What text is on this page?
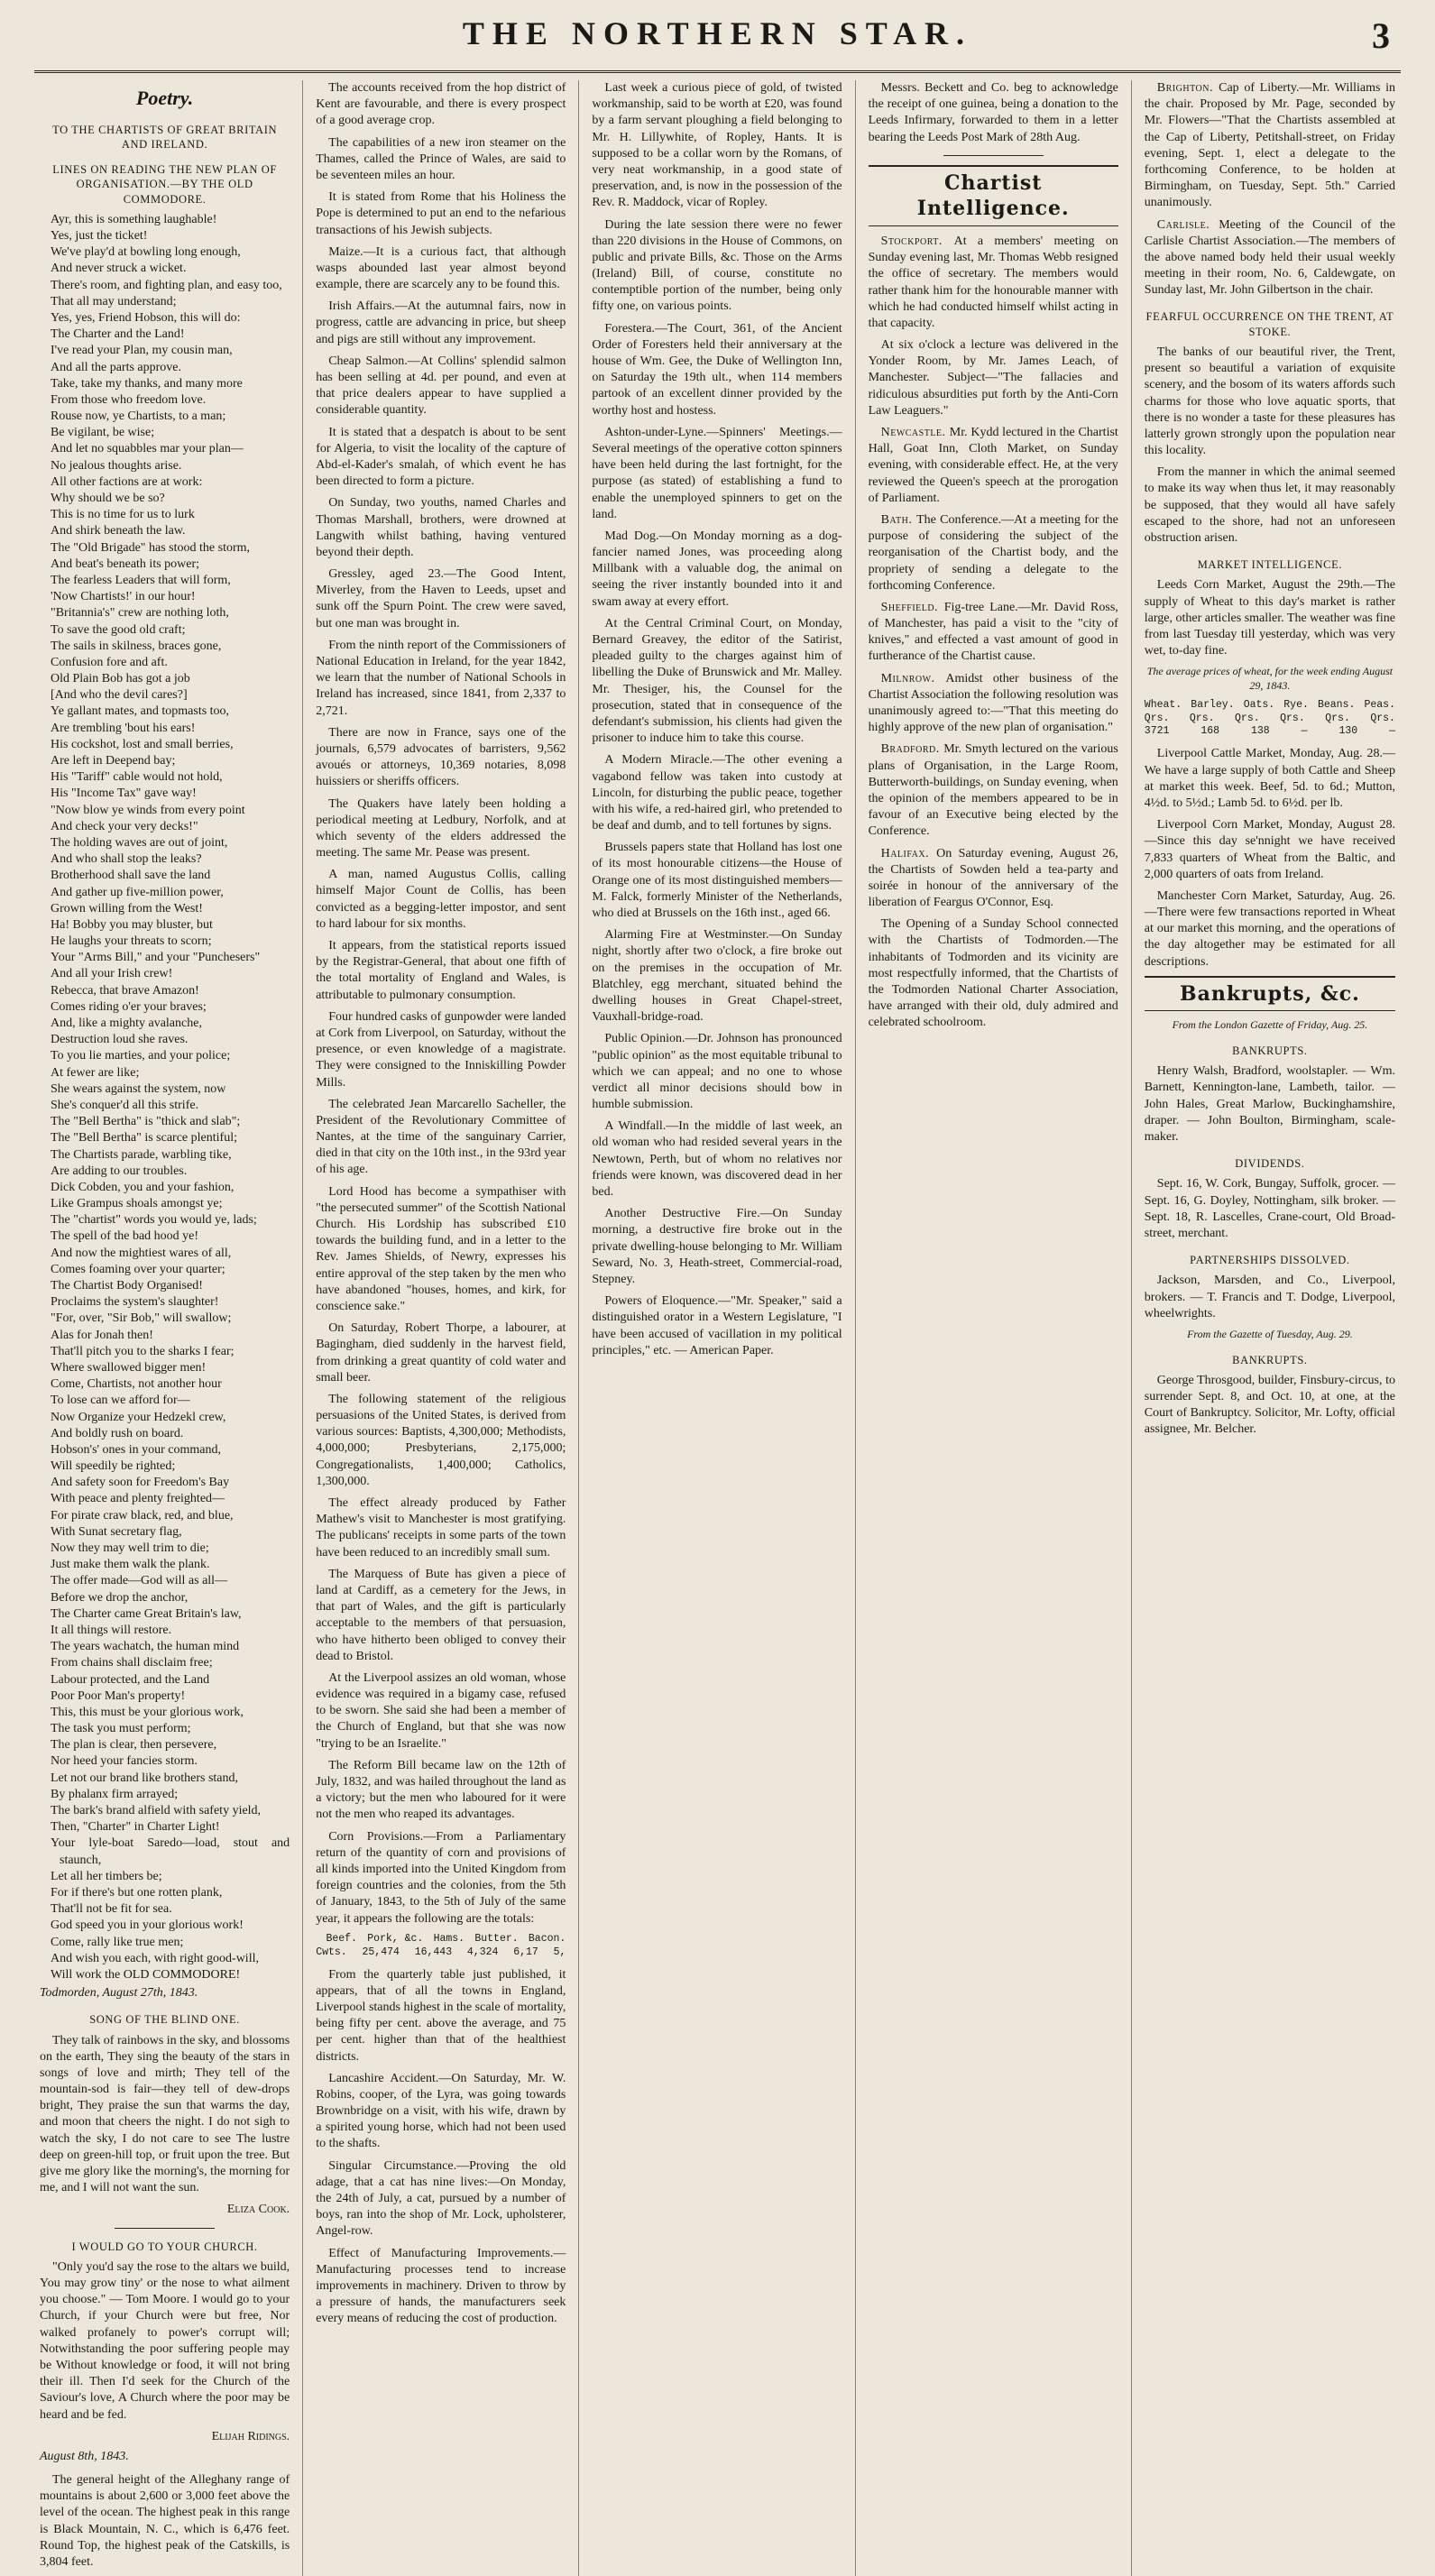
THE NORTHERN STAR.	3
Poetry.
TO THE CHARTISTS OF GREAT BRITAIN AND IRELAND.
LINES ON READING THE NEW PLAN OF ORGANISATION.—BY THE OLD COMMODORE.

Ayr, this is something laughable!

Yes, just the ticket!

We've play'd at bowling long enough,

And never struck a wicket.

There's room, and fighting plan, and easy too,

That all may understand;

Yes, yes, Friend Hobson, this will do:

The Charter and the Land!

I've read your Plan, my cousin man,

And all the parts approve.

Take, take my thanks, and many more

From those who freedom love.

Rouse now, ye Chartists, to a man;

Be vigilant, be wise;

And let no squabbles mar your plan—

No jealous thoughts arise.

All other factions are at work:

Why should we be so?

This is no time for us to lurk

And shirk beneath the law.

The "Old Brigade" has stood the storm,

And beat's beneath its power;

The fearless Leaders that will form,

'Now Chartists!' in our hour!

"Britannia's" crew are nothing loth,

To save the good old craft;

The sails in skilness, braces gone,

Confusion fore and aft.

Old Plain Bob has got a job

[And who the devil cares?]

Ye gallant mates, and topmasts too,

Are trembling 'bout his ears!

His cockshot, lost and small berries,

Are left in Deepend bay;

His "Tariff" cable would not hold,

His "Income Tax" gave way!

"Now blow ye winds from every point

And check your very decks!"

The holding waves are out of joint,

And who shall stop the leaks?

Brotherhood shall save the land

And gather up five-million power,

Grown willing from the West!

Ha! Bobby you may bluster, but

He laughs your threats to scorn;

Your "Arms Bill," and your "Punchesers"

And all your Irish crew!

Rebecca, that brave Amazon!

Comes riding o'er your braves;

And, like a mighty avalanche,

Destruction loud she raves.

To you lie marties, and your police;

At fewer are like;

She wears against the system, now

She's conquer'd all this strife.

The "Bell Bertha" is "thick and slab";

The "Bell Bertha" is scarce plentiful;

The Chartists parade, warbling tike,

Are adding to our troubles.

Dick Cobden, you and your fashion,

Like Grampus shoals amongst ye;

The "chartist" words you would ye, lads;

The spell of the bad hood ye!

And now the mightiest wares of all,

Comes foaming over your quarter;

The Chartist Body Organised!

Proclaims the system's slaughter!

"For, over, "Sir Bob," will swallow;

Alas for Jonah then!

That'll pitch you to the sharks I fear;

Where swallowed bigger men!

Come, Chartists, not another hour

To lose can we afford for—

Now Organize your Hedzekl crew,

And boldly rush on board.

Hobson's' ones in your command,

Will speedily be righted;

And safety soon for Freedom's Bay

With peace and plenty freighted—

For pirate craw black, red, and blue,

With Sunat secretary flag,

Now they may well trim to die;

Just make them walk the plank.

The offer made—God will as all—

Before we drop the anchor,

The Charter came Great Britain's law,

It all things will restore.

The years wachatch, the human mind

From chains shall disclaim free;

Labour protected, and the Land

Poor Poor Man's property!

This, this must be your glorious work,

The task you must perform;

The plan is clear, then persevere,

Nor heed your fancies storm.

Let not our brand like brothers stand,

By phalanx firm arrayed;

The bark's brand alfield with safety yield,

Then, "Charter" in Charter Light!

Your lyle-boat Saredo—load, stout and staunch,

Let all her timbers be;

For if there's but one rotten plank,

That'll not be fit for sea.

God speed you in your glorious work!

Come, rally like true men;

And wish you each, with right good-will,

Will work the OLD COMMODORE!

Todmorden, August 27th, 1843.
SONG OF THE BLIND ONE.

They talk of rainbows in the sky, and blossoms on the earth, They sing the beauty of the stars in songs of love and mirth; They tell of the mountain-sod is fair—they tell of dew-drops bright, They praise the sun that warms the day, and moon that cheers the night. I do not sigh to watch the sky, I do not care to see The lustre deep on green-hill top, or fruit upon the tree. But give me glory like the morning's, the morning for me, and I will not want the sun.

Eliza Cook.
I WOULD GO TO YOUR CHURCH.

"Only you'd say the rose to the altars we build, You may grow tiny' or the nose to what ailment you choose." — Tom Moore. I would go to your Church, if your Church were but free, Nor walked profanely to power's corrupt will; Notwithstanding the poor suffering people may be Without knowledge or food, it will not bring their ill. Then I'd seek for the Church of the Saviour's love, A Church where the poor may be heard and be fed.

Elijah Ridings.
August 8th, 1843.

The general height of the Alleghany range of mountains is about 2,600 or 3,000 feet above the level of the ocean. The highest peak in this range is Black Mountain, N. C., which is 6,476 feet. Round Top, the highest peak of the Catskills, is 3,804 feet.

The accounts received from the hop district of Kent are favourable, and there is every prospect of a good average crop.

The capabilities of a new iron steamer on the Thames, called the Prince of Wales, are said to be seventeen miles an hour.

It is stated from Rome that his Holiness the Pope is determined to put an end to the nefarious transactions of his Jewish subjects.

Maize.—It is a curious fact, that although wasps abounded last year almost beyond example, there are scarcely any to be found this.

Irish Affairs.—At the autumnal fairs, now in progress, cattle are advancing in price, but sheep and pigs are still without any improvement.

Cheap Salmon.—At Collins' splendid salmon has been selling at 4d. per pound, and even at that price dealers appear to have supplied a considerable quantity.

It is stated that a despatch is about to be sent for Algeria, to visit the locality of the capture of Abd-el-Kader's smalah, of which event he has been directed to form a picture.

On Sunday, two youths, named Charles and Thomas Marshall, brothers, were drowned at Langwith whilst bathing, having ventured beyond their depth.

Gressley, aged 23.—The Good Intent, Miverley, from the Haven to Leeds, upset and sunk off the Spurn Point. The crew were saved, but one man was brought in.

From the ninth report of the Commissioners of National Education in Ireland, for the year 1842, we learn that the number of National Schools in Ireland has increased, since 1841, from 2,337 to 2,721.

There are now in France, says one of the journals, 6,579 advocates of barristers, 9,562 avoués or attorneys, 10,369 notaries, 8,098 huissiers or sheriffs officers.

The Quakers have lately been holding a periodical meeting at Ledbury, Norfolk, and at which seventy of the elders addressed the meeting. The same Mr. Pease was present.

A man, named Augustus Collis, calling himself Major Count de Collis, has been convicted as a begging-letter impostor, and sent to hard labour for six months.

It appears, from the statistical reports issued by the Registrar-General, that about one fifth of the total mortality of England and Wales, is attributable to pulmonary consumption.

Four hundred casks of gunpowder were landed at Cork from Liverpool, on Saturday, without the presence, or even knowledge of a magistrate. They were consigned to the Inniskilling Powder Mills.

The celebrated Jean Marcarello Sacheller, the President of the Revolutionary Committee of Nantes, at the time of the sanguinary Carrier, died in that city on the 10th inst., in the 93rd year of his age.

Lord Hood has become a sympathiser with "the persecuted summer" of the Scottish National Church. His Lordship has subscribed £10 towards the building fund, and in a letter to the Rev. James Shields, of Newry, expresses his entire approval of the step taken by the men who have abandoned "houses, homes, and kirk, for conscience sake."

On Saturday, Robert Thorpe, a labourer, at Bagingham, died suddenly in the harvest field, from drinking a great quantity of cold water and small beer.

The following statement of the religious persuasions of the United States, is derived from various sources: Baptists, 4,300,000; Methodists, 4,000,000; Presbyterians, 2,175,000; Congregationalists, 1,400,000; Catholics, 1,300,000.

The effect already produced by Father Mathew's visit to Manchester is most gratifying. The publicans' receipts in some parts of the town have been reduced to an incredibly small sum.

The Marquess of Bute has given a piece of land at Cardiff, as a cemetery for the Jews, in that part of Wales, and the gift is particularly acceptable to the members of that persuasion, who have hitherto been obliged to convey their dead to Bristol.

At the Liverpool assizes an old woman, whose evidence was required in a bigamy case, refused to be sworn. She said she had been a member of the Church of England, but that she was now "trying to be an Israelite."

The Reform Bill became law on the 12th of July, 1832, and was hailed throughout the land as a victory; but the men who laboured for it were not the men who reaped its advantages.

Corn Provisions.—From a Parliamentary return of the quantity of corn and provisions of all kinds imported into the United Kingdom from foreign countries and the colonies, from the 5th of January, 1843, to the 5th of July of the same year, it appears the following are the totals:

Beef. Pork, &c. Hams. Butter. Bacon.
Cwts. 25,474 16,443 4,324 6,17 5,

From the quarterly table just published, it appears, that of all the towns in England, Liverpool stands highest in the scale of mortality, being fifty per cent. above the average, and 75 per cent. higher than that of the healthiest districts.

Lancashire Accident.—On Saturday, Mr. W. Robins, cooper, of the Lyra, was going towards Brownbridge on a visit, with his wife, drawn by a spirited young horse, which had not been used to the shafts.

Singular Circumstance.—Proving the old adage, that a cat has nine lives:—On Monday, the 24th of July, a cat, pursued by a number of boys, ran into the shop of Mr. Lock, upholsterer, Angel-row.

Effect of Manufacturing Improvements.—Manufacturing processes tend to increase improvements in machinery. Driven to throw by a pressure of hands, the manufacturers seek every means of reducing the cost of production.

Last week a curious piece of gold, of twisted workmanship, said to be worth at £20, was found by a farm servant ploughing a field belonging to Mr. H. Lillywhite, of Ropley, Hants. It is supposed to be a collar worn by the Romans, of very neat workmanship, in a good state of preservation, and, is now in the possession of the Rev. R. Maddock, vicar of Ropley.

During the late session there were no fewer than 220 divisions in the House of Commons, on public and private Bills, &c. Those on the Arms (Ireland) Bill, of course, constitute no contemptible portion of the number, being only fifty one, on various points.

Forestera.—The Court, 361, of the Ancient Order of Foresters held their anniversary at the house of Wm. Gee, the Duke of Wellington Inn, on Saturday the 19th ult., when 114 members partook of an excellent dinner provided by the worthy host and hostess.

Ashton-under-Lyne.—Spinners' Meetings.—Several meetings of the operative cotton spinners have been held during the last fortnight, for the purpose (as stated) of establishing a fund to enable the unemployed spinners to get on the land.

Mad Dog.—On Monday morning as a dog-fancier named Jones, was proceeding along Millbank with a valuable dog, the animal on seeing the river instantly bounded into it and swam away at every effort.

At the Central Criminal Court, on Monday, Bernard Greavey, the editor of the Satirist, pleaded guilty to the charges against him of libelling the Duke of Brunswick and Mr. Malley. Mr. Thesiger, his, the Counsel for the prosecution, stated that in consequence of the defendant's submission, his clients had given the prisoner to induce him to take this course.

A Modern Miracle.—The other evening a vagabond fellow was taken into custody at Lincoln, for disturbing the public peace, together with his wife, a red-haired girl, who pretended to be deaf and dumb, and to tell fortunes by signs.

Brussels papers state that Holland has lost one of its most honourable citizens—the House of Orange one of its most distinguished members—M. Falck, formerly Minister of the Netherlands, who died at Brussels on the 16th inst., aged 66.

Alarming Fire at Westminster.—On Sunday night, shortly after two o'clock, a fire broke out on the premises in the occupation of Mr. Blatchley, egg merchant, situated behind the dwelling houses in Great Chapel-street, Vauxhall-bridge-road.

Public Opinion.—Dr. Johnson has pronounced "public opinion" as the most equitable tribunal to which we can appeal; and no one to whose verdict all minor decisions should bow in humble submission.

A Windfall.—In the middle of last week, an old woman who had resided several years in the Newtown, Perth, but of whom no relatives nor friends were known, was discovered dead in her bed.

Another Destructive Fire.—On Sunday morning, a destructive fire broke out in the private dwelling-house belonging to Mr. William Seward, No. 3, Heath-street, Commercial-road, Stepney.

Powers of Eloquence.—"Mr. Speaker," said a distinguished orator in a Western Legislature, "I have been accused of vacillation in my political principles," etc. — American Paper.

Messrs. Beckett and Co. beg to acknowledge the receipt of one guinea, being a donation to the Leeds Infirmary, forwarded to them in a letter bearing the Leeds Post Mark of 28th Aug.

Chartist Intelligence.

Stockport. At a members' meeting on Sunday evening last, Mr. Thomas Webb resigned the office of secretary. The members would rather thank him for the honourable manner with which he had conducted himself whilst acting in that capacity.

At six o'clock a lecture was delivered in the Yonder Room, by Mr. James Leach, of Manchester. Subject—"The fallacies and ridiculous absurdities put forth by the Anti-Corn Law Leaguers."

Newcastle. Mr. Kydd lectured in the Chartist Hall, Goat Inn, Cloth Market, on Sunday evening, with considerable effect. He, at the very reviewed the Queen's speech at the prorogation of Parliament.

Bath. The Conference.—At a meeting for the purpose of considering the subject of the reorganisation of the Chartist body, and the propriety of sending a delegate to the forthcoming Conference.

Sheffield. Fig-tree Lane.—Mr. David Ross, of Manchester, has paid a visit to the "city of knives," and effected a vast amount of good in furtherance of the Chartist cause.

Milnrow. Amidst other business of the Chartist Association the following resolution was unanimously agreed to:—"That this meeting do highly approve of the new plan of organisation."

Bradford. Mr. Smyth lectured on the various plans of Organisation, in the Large Room, Butterworth-buildings, on Sunday evening, when the opinion of the members appeared to be in favour of an Executive being elected by the Conference.

Halifax. On Saturday evening, August 26, the Chartists of Sowden held a tea-party and soirée in honour of the anniversary of the liberation of Feargus O'Connor, Esq.

The Opening of a Sunday School connected with the Chartists of Todmorden.—The inhabitants of Todmorden and its vicinity are most respectfully informed, that the Chartists of the Todmorden National Charter Association, have arranged with their old, duly admired and celebrated schoolroom.

Brighton. Cap of Liberty.—Mr. Williams in the chair. Proposed by Mr. Page, seconded by Mr. Flowers—"That the Chartists assembled at the Cap of Liberty, Petitshall-street, on Friday evening, Sept. 1, elect a delegate to the forthcoming Conference, to be holden at Birmingham, on Tuesday, Sept. 5th." Carried unanimously.

Carlisle. Meeting of the Council of the Carlisle Chartist Association.—The members of the above named body held their usual weekly meeting in their room, No. 6, Caldewgate, on Sunday last, Mr. John Gilbertson in the chair.

FEARFUL OCCURRENCE ON THE TRENT, AT STOKE.

The banks of our beautiful river, the Trent, present so beautiful a variation of exquisite scenery, and the bosom of its waters affords such charms for those who love aquatic sports, that there is no wonder a taste for these pleasures has latterly grown strongly upon the population near this locality.

From the manner in which the animal seemed to make its way when thus let, it may reasonably be supposed, that they would all have safely escaped to the shore, had not an unforeseen obstruction arisen.

MARKET INTELLIGENCE.

Leeds Corn Market, August the 29th.—The supply of Wheat to this day's market is rather large, other articles smaller. The weather was fine from last Tuesday till yesterday, which was very wet, to-day fine.

The average prices of wheat, for the week ending August 29, 1843.
Wheat. Barley. Oats. Rye. Beans. Peas.
Qrs. Qrs. Qrs. Qrs. Qrs. Qrs.
3721	168	138	—	130	—

Liverpool Cattle Market, Monday, Aug. 28.—We have a large supply of both Cattle and Sheep at market this week. Beef, 5d. to 6d.; Mutton, 4½d. to 5½d.; Lamb 5d. to 6½d. per lb.

Liverpool Corn Market, Monday, August 28.—Since this day se'nnight we have received 7,833 quarters of Wheat from the Baltic, and 2,000 quarters of oats from Ireland.

Manchester Corn Market, Saturday, Aug. 26.—There were few transactions reported in Wheat at our market this morning, and the operations of the day altogether may be estimated for all descriptions.

Bankrupts, &c.
From the London Gazette of Friday, Aug. 25.
BANKRUPTS.

Henry Walsh, Bradford, woolstapler. — Wm. Barnett, Kennington-lane, Lambeth, tailor. — John Hales, Great Marlow, Buckinghamshire, draper. — John Boulton, Birmingham, scale-maker.

DIVIDENDS.

Sept. 16, W. Cork, Bungay, Suffolk, grocer. — Sept. 16, G. Doyley, Nottingham, silk broker. — Sept. 18, R. Lascelles, Crane-court, Old Broad-street, merchant.

PARTNERSHIPS DISSOLVED.

Jackson, Marsden, and Co., Liverpool, brokers. — T. Francis and T. Dodge, Liverpool, wheelwrights.

From the Gazette of Tuesday, Aug. 29.
BANKRUPTS.

George Throsgood, builder, Finsbury-circus, to surrender Sept. 8, and Oct. 10, at one, at the Court of Bankruptcy. Solicitor, Mr. Lofty, official assignee, Mr. Belcher.
